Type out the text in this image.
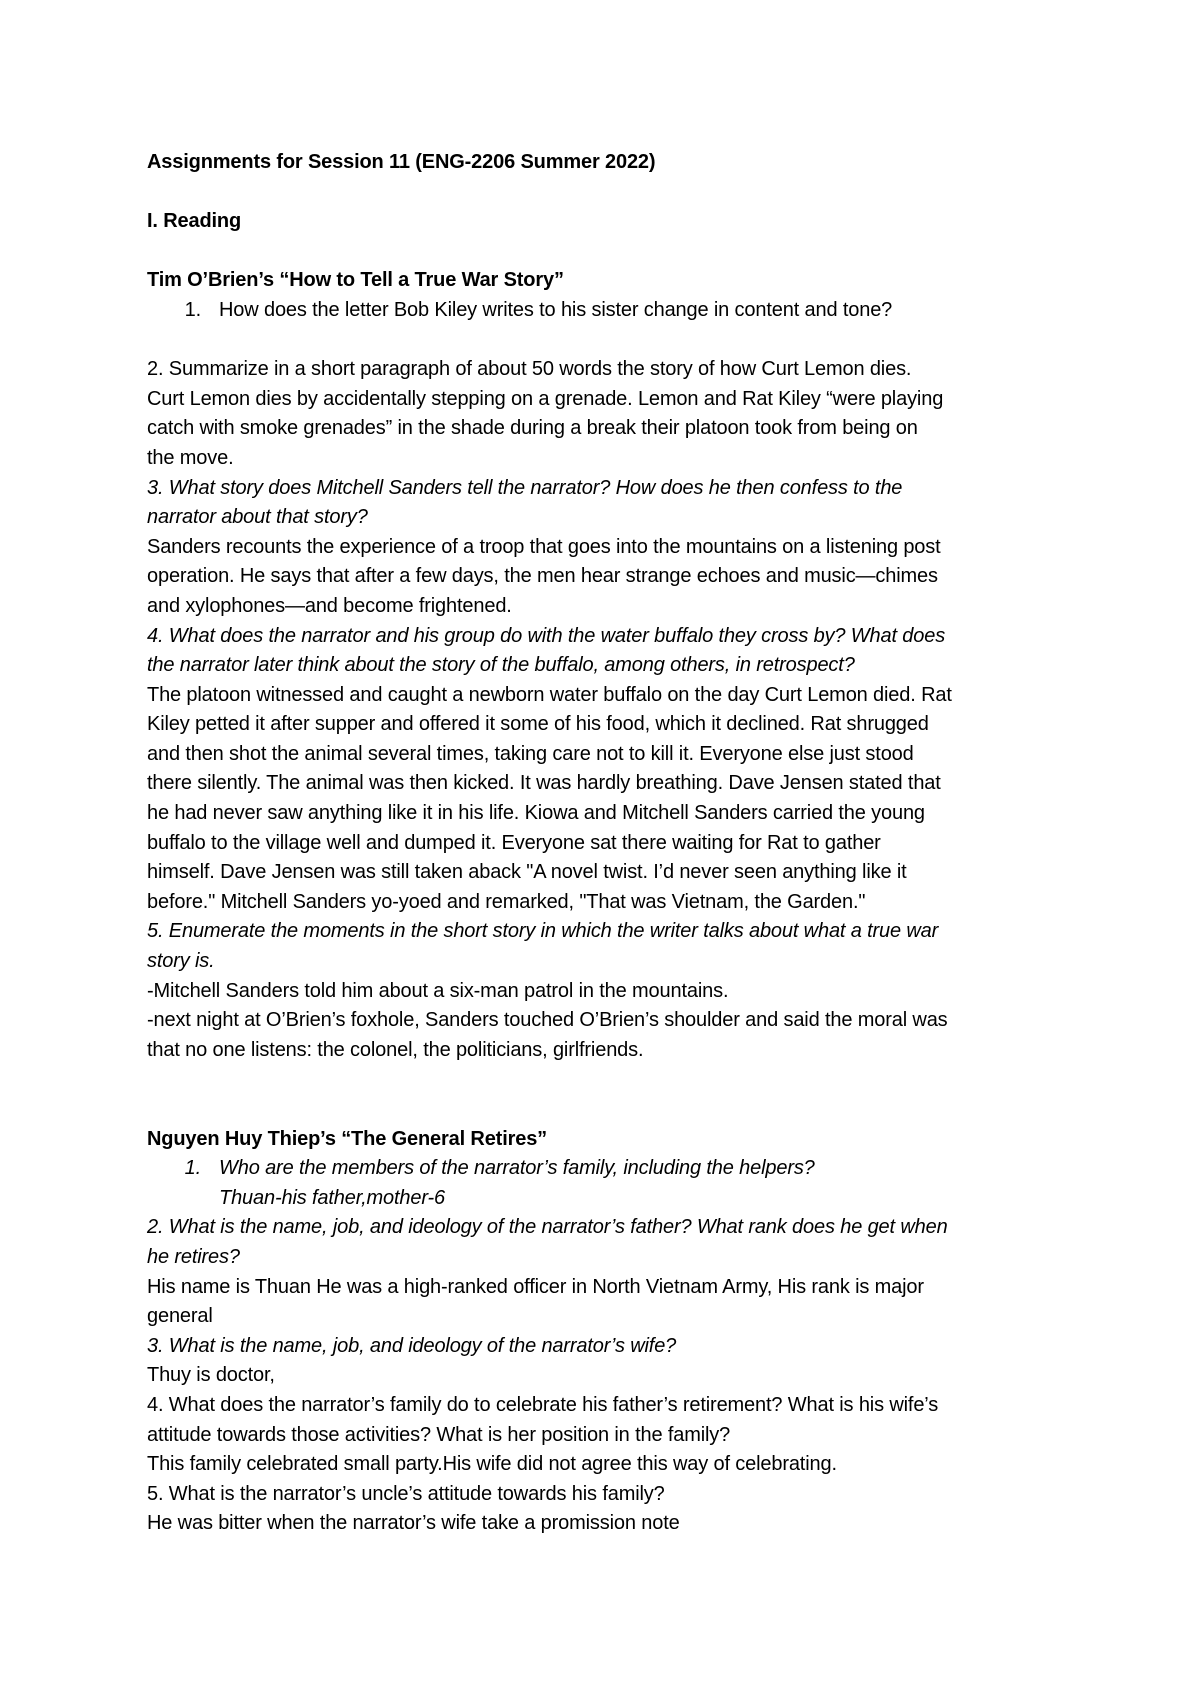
Assignments for Session 11 (ENG-2206 Summer 2022)
I. Reading
Tim O’Brien’s “How to Tell a True War Story”
1. How does the letter Bob Kiley writes to his sister change in content and tone?
2. Summarize in a short paragraph of about 50 words the story of how Curt Lemon dies.
Curt Lemon dies by accidentally stepping on a grenade. Lemon and Rat Kiley “were playing
catch with smoke grenades” in the shade during a break their platoon took from being on
the move.
3. What story does Mitchell Sanders tell the narrator? How does he then confess to the
narrator about that story?
Sanders recounts the experience of a troop that goes into the mountains on a listening post
operation. He says that after a few days, the men hear strange echoes and music—chimes
and xylophones—and become frightened.
4. What does the narrator and his group do with the water buffalo they cross by? What does
the narrator later think about the story of the buffalo, among others, in retrospect?
The platoon witnessed and caught a newborn water buffalo on the day Curt Lemon died. Rat
Kiley petted it after supper and offered it some of his food, which it declined. Rat shrugged
and then shot the animal several times, taking care not to kill it. Everyone else just stood
there silently. The animal was then kicked. It was hardly breathing. Dave Jensen stated that
he had never saw anything like it in his life. Kiowa and Mitchell Sanders carried the young
buffalo to the village well and dumped it. Everyone sat there waiting for Rat to gather
himself. Dave Jensen was still taken aback "A novel twist. I’d never seen anything like it
before." Mitchell Sanders yo-yoed and remarked, "That was Vietnam, the Garden."
5. Enumerate the moments in the short story in which the writer talks about what a true war
story is.
-Mitchell Sanders told him about a six-man patrol in the mountains.
-next night at O’Brien’s foxhole, Sanders touched O’Brien’s shoulder and said the moral was
that no one listens: the colonel, the politicians, girlfriends.
Nguyen Huy Thiep’s “The General Retires”
1. Who are the members of the narrator’s family, including the helpers?
Thuan-his father,mother-6
2. What is the name, job, and ideology of the narrator’s father? What rank does he get when
he retires?
His name is Thuan He was a high-ranked officer in North Vietnam Army, His rank is major
general
3. What is the name, job, and ideology of the narrator’s wife?
Thuy is doctor,
4. What does the narrator’s family do to celebrate his father’s retirement? What is his wife’s
attitude towards those activities? What is her position in the family?
This family celebrated small party.His wife did not agree this way of celebrating.
5. What is the narrator’s uncle’s attitude towards his family?
He was bitter when the narrator’s wife take a promission note
